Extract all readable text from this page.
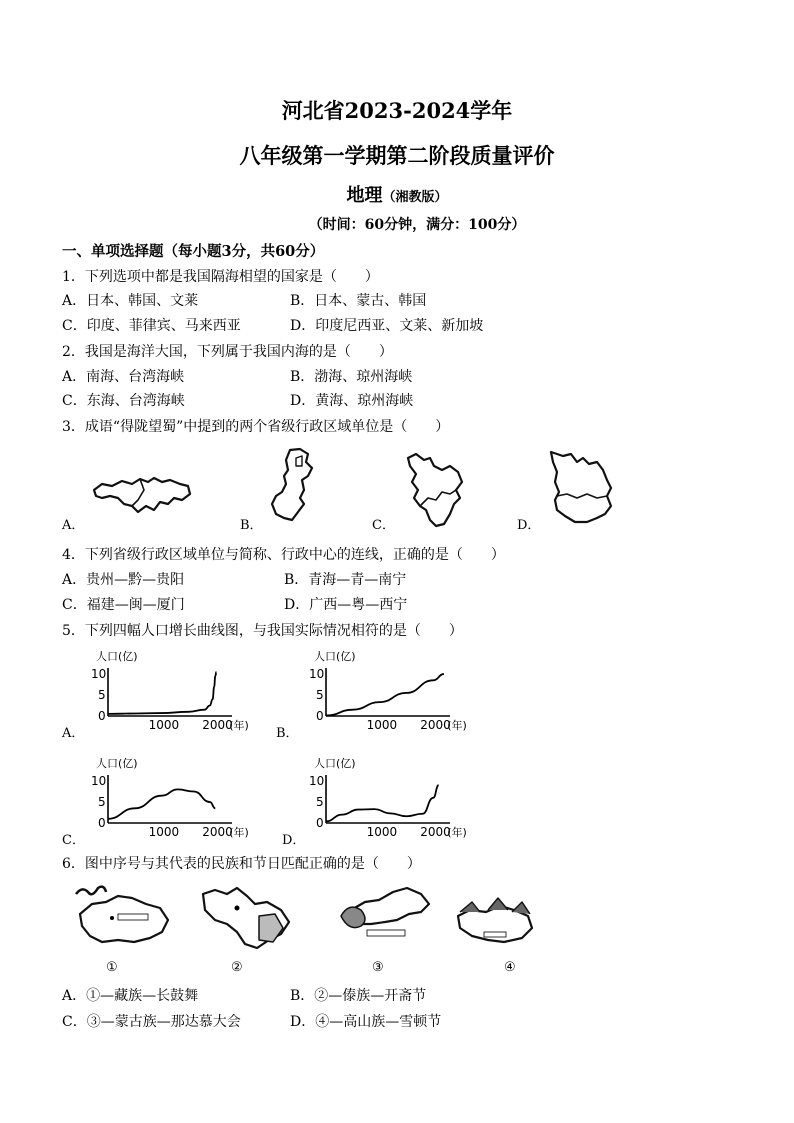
河北省2023-2024学年
八年级第一学期第二阶段质量评价
地理（湘教版）
（时间：60分钟，满分：100分）
一、单项选择题（每小题3分，共60分）
1．下列选项中都是我国隔海相望的国家是（　　）
A．日本、韩国、文莱	B．日本、蒙古、韩国
C．印度、菲律宾、马来西亚	D．印度尼西亚、文莱、新加坡
2．我国是海洋大国，下列属于我国内海的是（　　）
A．南海、台湾海峡	B．渤海、琼州海峡
C．东海、台湾海峡	D．黄海、琼州海峡
3．成语“得陇望蜀”中提到的两个省级行政区域单位是（　　）
A．	B．	C．	D．
4．下列省级行政区域单位与简称、行政中心的连线，正确的是（　　）
A．贵州—黔—贵阳	B．青海—青—南宁
C．福建—闽—厦门	D．广西—粤—西宁
5．下列四幅人口增长曲线图，与我国实际情况相符的是（　　）
人口(亿)
0
5
10
1000 2000
(年)
人口(亿)
0
5
10
1000 2000
(年)
人口(亿)
0
5
10
1000 2000
(年)
人口(亿)
0
5
10
1000 2000
(年)
A．	B．
C．	D．
6．图中序号与其代表的民族和节日匹配正确的是（　　）
①	②	③	④
A．①—藏族—长鼓舞	B．②—傣族—开斋节
C．③—蒙古族—那达慕大会	D．④—高山族—雪顿节
